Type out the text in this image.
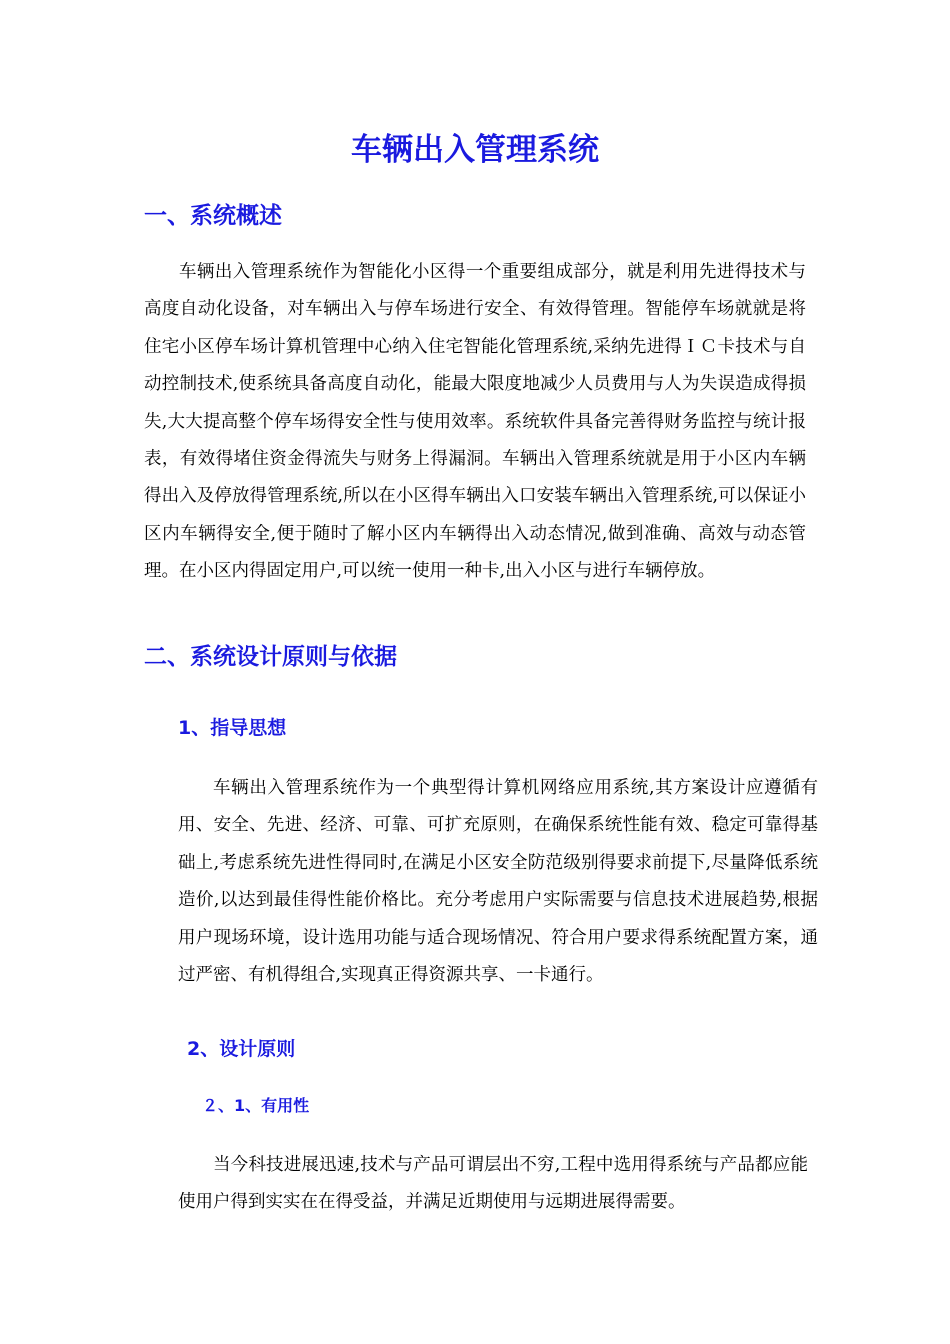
车辆出入管理系统
一、系统概述

车辆出入管理系统作为智能化小区得一个重要组成部分，就是利用先进得技术与高度自动化设备，对车辆出入与停车场进行安全、有效得管理。智能停车场就就是将住宅小区停车场计算机管理中心纳入住宅智能化管理系统,采纳先进得ＩＣ卡技术与自动控制技术,使系统具备高度自动化，能最大限度地减少人员费用与人为失误造成得损失,大大提高整个停车场得安全性与使用效率。系统软件具备完善得财务监控与统计报表，有效得堵住资金得流失与财务上得漏洞。车辆出入管理系统就是用于小区内车辆得出入及停放得管理系统,所以在小区得车辆出入口安装车辆出入管理系统,可以保证小区内车辆得安全,便于随时了解小区内车辆得出入动态情况,做到准确、高效与动态管理。在小区内得固定用户,可以统一使用一种卡,出入小区与进行车辆停放。

二、系统设计原则与依据
1、指导思想

车辆出入管理系统作为一个典型得计算机网络应用系统,其方案设计应遵循有用、安全、先进、经济、可靠、可扩充原则，在确保系统性能有效、稳定可靠得基础上,考虑系统先进性得同时,在满足小区安全防范级别得要求前提下,尽量降低系统造价,以达到最佳得性能价格比。充分考虑用户实际需要与信息技术进展趋势,根据用户现场环境，设计选用功能与适合现场情况、符合用户要求得系统配置方案，通过严密、有机得组合,实现真正得资源共享、一卡通行。

2、设计原则
２、1、有用性

当今科技进展迅速,技术与产品可谓层出不穷,工程中选用得系统与产品都应能使用户得到实实在在得受益，并满足近期使用与远期进展得需要。
